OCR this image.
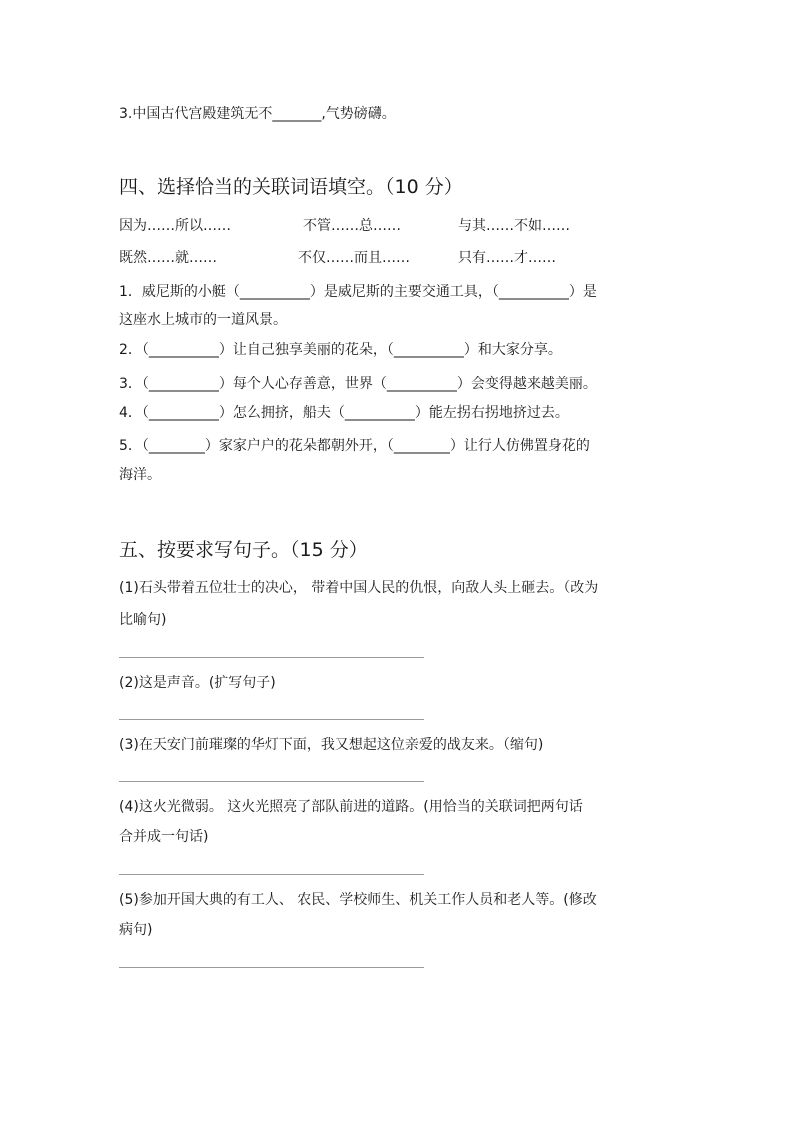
3.中国古代宫殿建筑无不_______,气势磅礴。
四、选择恰当的关联词语填空。（10 分）
因为……所以……	不管……总……	与其……不如……
既然……就……	不仅……而且……	只有……才……
1．威尼斯的小艇（__________）是威尼斯的主要交通工具，（__________）是
这座水上城市的一道风景。
2．（__________）让自己独享美丽的花朵，（__________）和大家分享。
3．（__________）每个人心存善意，世界（__________）会变得越来越美丽。
4．（__________）怎么拥挤，船夫（__________）能左拐右拐地挤过去。
5．（________）家家户户的花朵都朝外开，（________）让行人仿佛置身花的
海洋。
五、按要求写句子。（15 分）
(1)石头带着五位壮士的决心， 带着中国人民的仇恨，向敌人头上砸去。（改为
比喻句)
(2)这是声音。(扩写句子)
(3)在天安门前璀璨的华灯下面，我又想起这位亲爱的战友来。（缩句)
(4)这火光微弱。 这火光照亮了部队前进的道路。(用恰当的关联词把两句话
合并成一句话)
(5)参加开国大典的有工人、 农民、学校师生、机关工作人员和老人等。(修改
病句)
